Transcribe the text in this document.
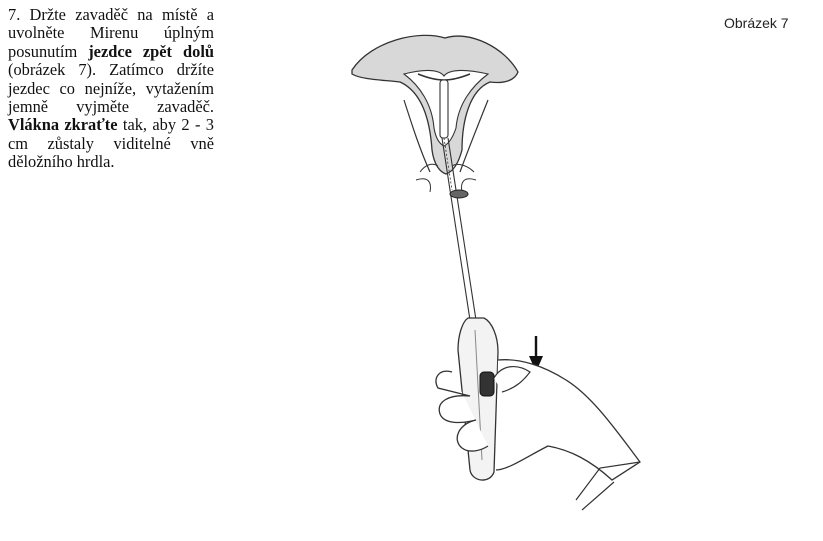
7. Držte zavaděč na místě a uvolněte Mirenu úplným posunutím jezdce zpět dolů (obrázek 7). Zatímco držíte jezdec co nejníže, vytažením jemně vyjměte zavaděč. Vlákna zkraťte tak, aby 2 - 3 cm zůstaly viditelné vně děložního hrdla.

Obrázek 7
